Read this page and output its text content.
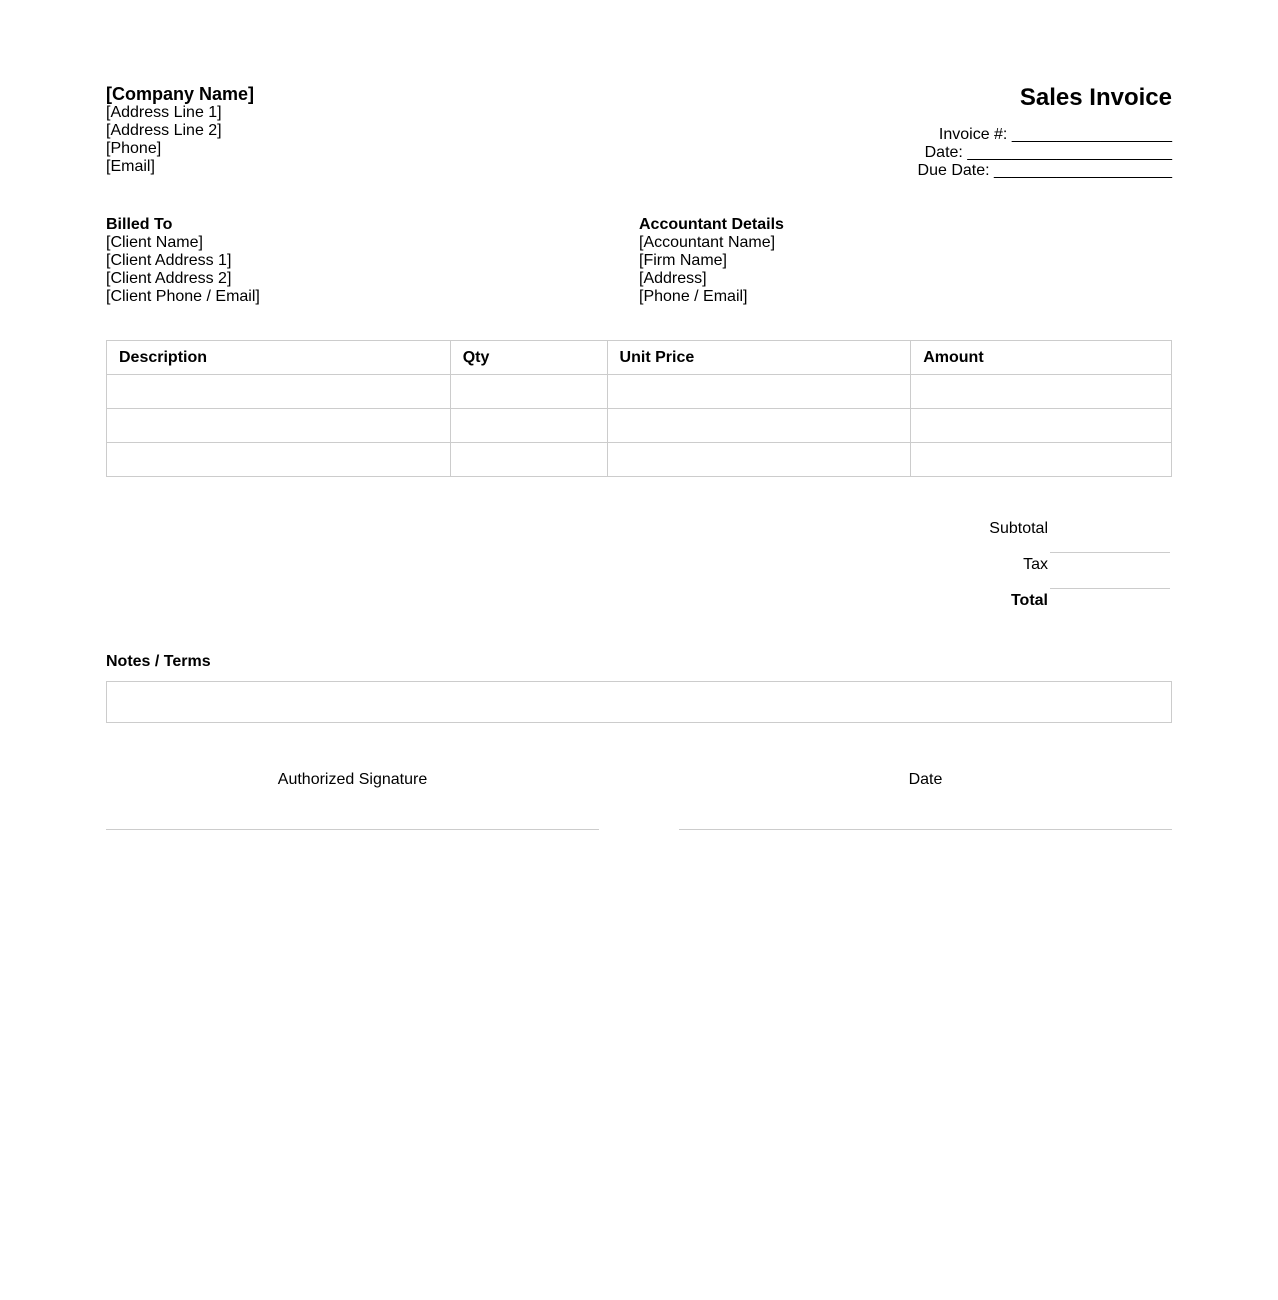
[Company Name]
[Address Line 1]
[Address Line 2]
[Phone]
[Email]
Sales Invoice
Invoice #: __________________
Date: _______________________
Due Date: ____________________
Billed To
[Client Name]
[Client Address 1]
[Client Address 2]
[Client Phone / Email]
Accountant Details
[Accountant Name]
[Firm Name]
[Address]
[Phone / Email]
Description	Qty	Unit Price	Amount

Subtotal
Tax
Total
Notes / Terms
Authorized Signature	Date
